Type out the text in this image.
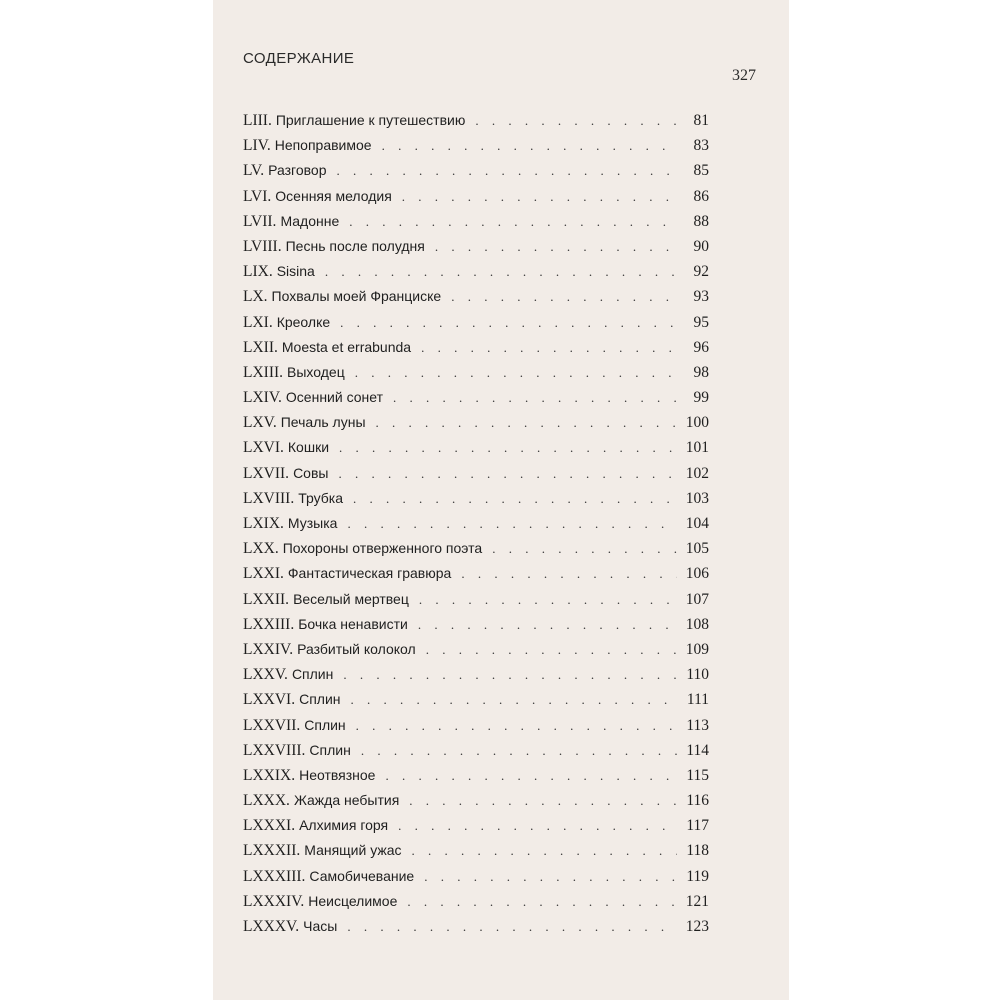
СОДЕРЖАНИЕ
327
LIII. Приглашение к путешествию . . .	81
LIV. Непоправимое . . .	83
LV. Разговор . . .	85
LVI. Осенняя мелодия . . .	86
LVII. Мадонне . . .	88
LVIII. Песнь после полудня . . .	90
LIX. Sisina . . .	92
LX. Похвалы моей Франциске . . .	93
LXI. Креолке . . .	95
LXII. Moesta et errabunda . . .	96
LXIII. Выходец . . .	98
LXIV. Осенний сонет . . .	99
LXV. Печаль луны . . .	100
LXVI. Кошки . . .	101
LXVII. Совы . . .	102
LXVIII. Трубка . . .	103
LXIX. Музыка . . .	104
LXX. Похороны отверженного поэта . . .	105
LXXI. Фантастическая гравюра . . .	106
LXXII. Веселый мертвец . . .	107
LXXIII. Бочка ненависти . . .	108
LXXIV. Разбитый колокол . . .	109
LXXV. Сплин . . .	110
LXXVI. Сплин . . .	111
LXXVII. Сплин . . .	113
LXXVIII. Сплин . . .	114
LXXIX. Неотвязное . . .	115
LXXX. Жажда небытия . . .	116
LXXXI. Алхимия горя . . .	117
LXXXII. Манящий ужас . . .	118
LXXXIII. Самобичевание . . .	119
LXXXIV. Неисцелимое . . .	121
LXXXV. Часы . . .	123
